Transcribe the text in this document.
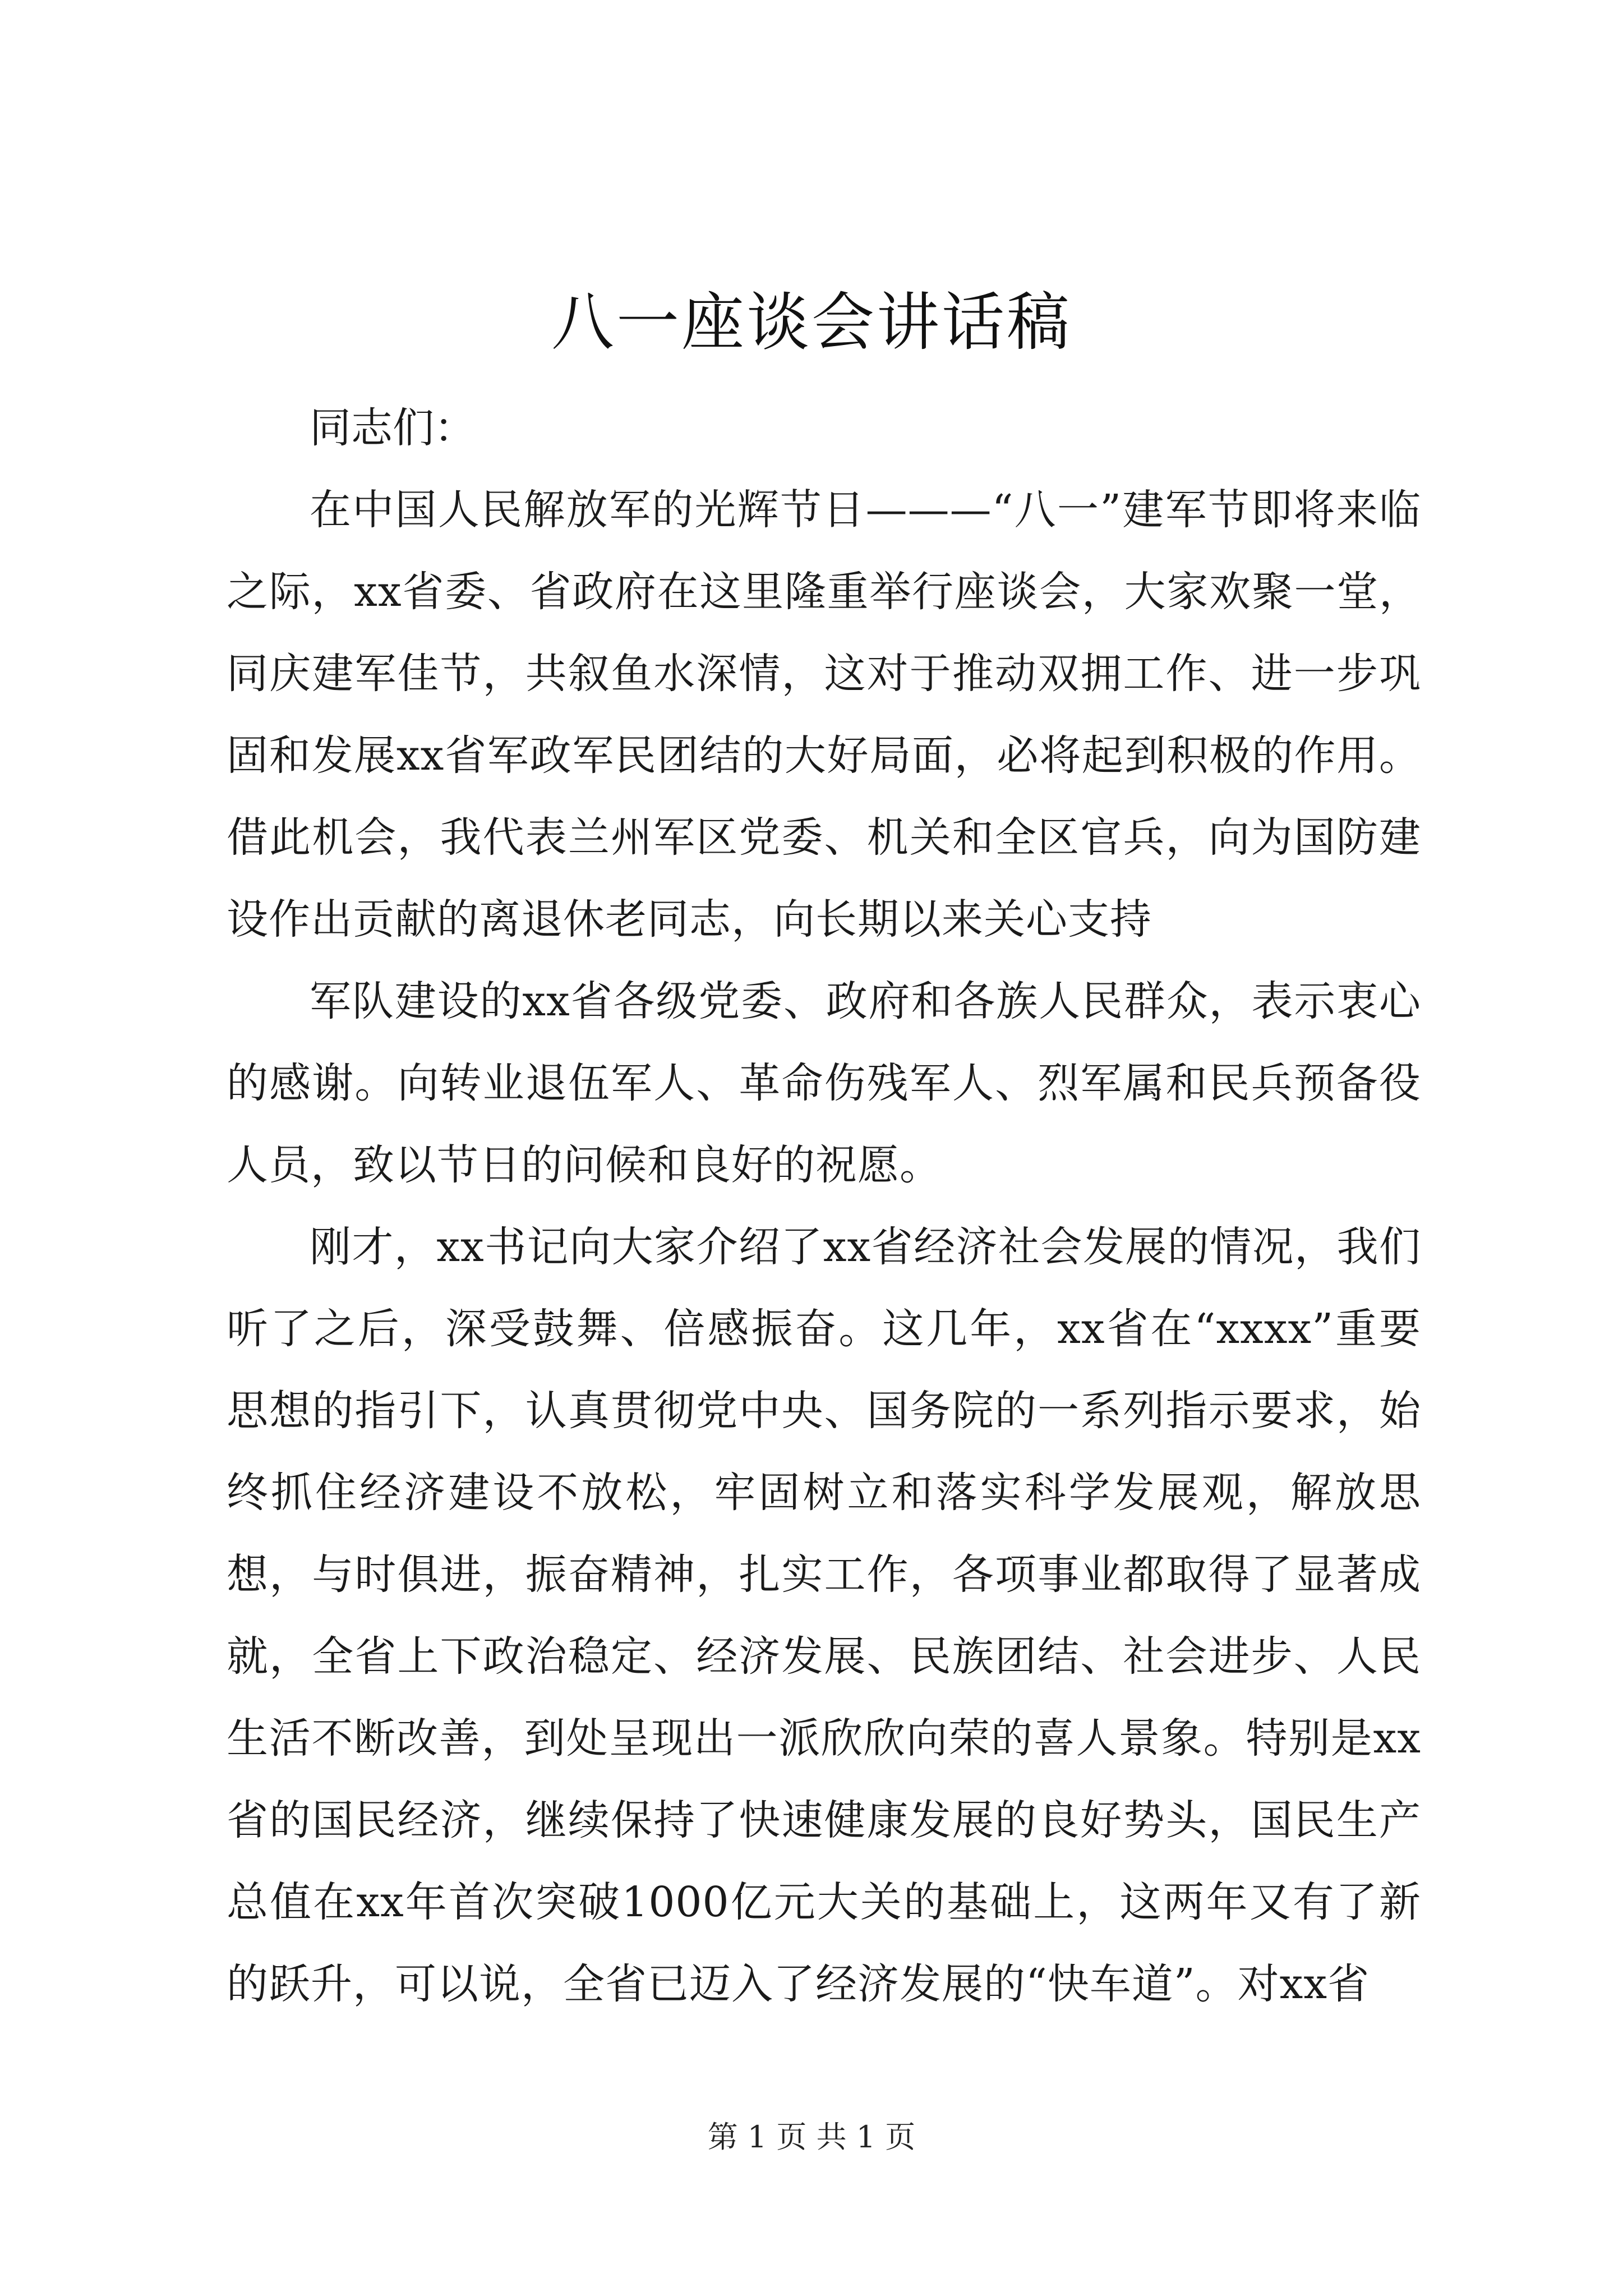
八一座谈会讲话稿

同志们：

在中国人民解放军的光辉节日———“八一”建军节即将来临之际，xx省委、省政府在这里隆重举行座谈会，大家欢聚一堂，同庆建军佳节，共叙鱼水深情，这对于推动双拥工作、进一步巩固和发展xx省军政军民团结的大好局面，必将起到积极的作用。借此机会，我代表兰州军区党委、机关和全区官兵，向为国防建设作出贡献的离退休老同志，向长期以来关心支持

军队建设的xx省各级党委、政府和各族人民群众，表示衷心的感谢。向转业退伍军人、革命伤残军人、烈军属和民兵预备役人员，致以节日的问候和良好的祝愿。

刚才，xx书记向大家介绍了xx省经济社会发展的情况，我们听了之后，深受鼓舞、倍感振奋。这几年，xx省在“xxxx”重要思想的指引下，认真贯彻党中央、国务院的一系列指示要求，始终抓住经济建设不放松，牢固树立和落实科学发展观，解放思想，与时俱进，振奋精神，扎实工作，各项事业都取得了显著成就，全省上下政治稳定、经济发展、民族团结、社会进步、人民生活不断改善，到处呈现出一派欣欣向荣的喜人景象。特别是xx省的国民经济，继续保持了快速健康发展的良好势头，国民生产总值在xx年首次突破1000亿元大关的基础上，这两年又有了新的跃升，可以说，全省已迈入了经济发展的“快车道”。对xx省

第 1 页 共 1 页
